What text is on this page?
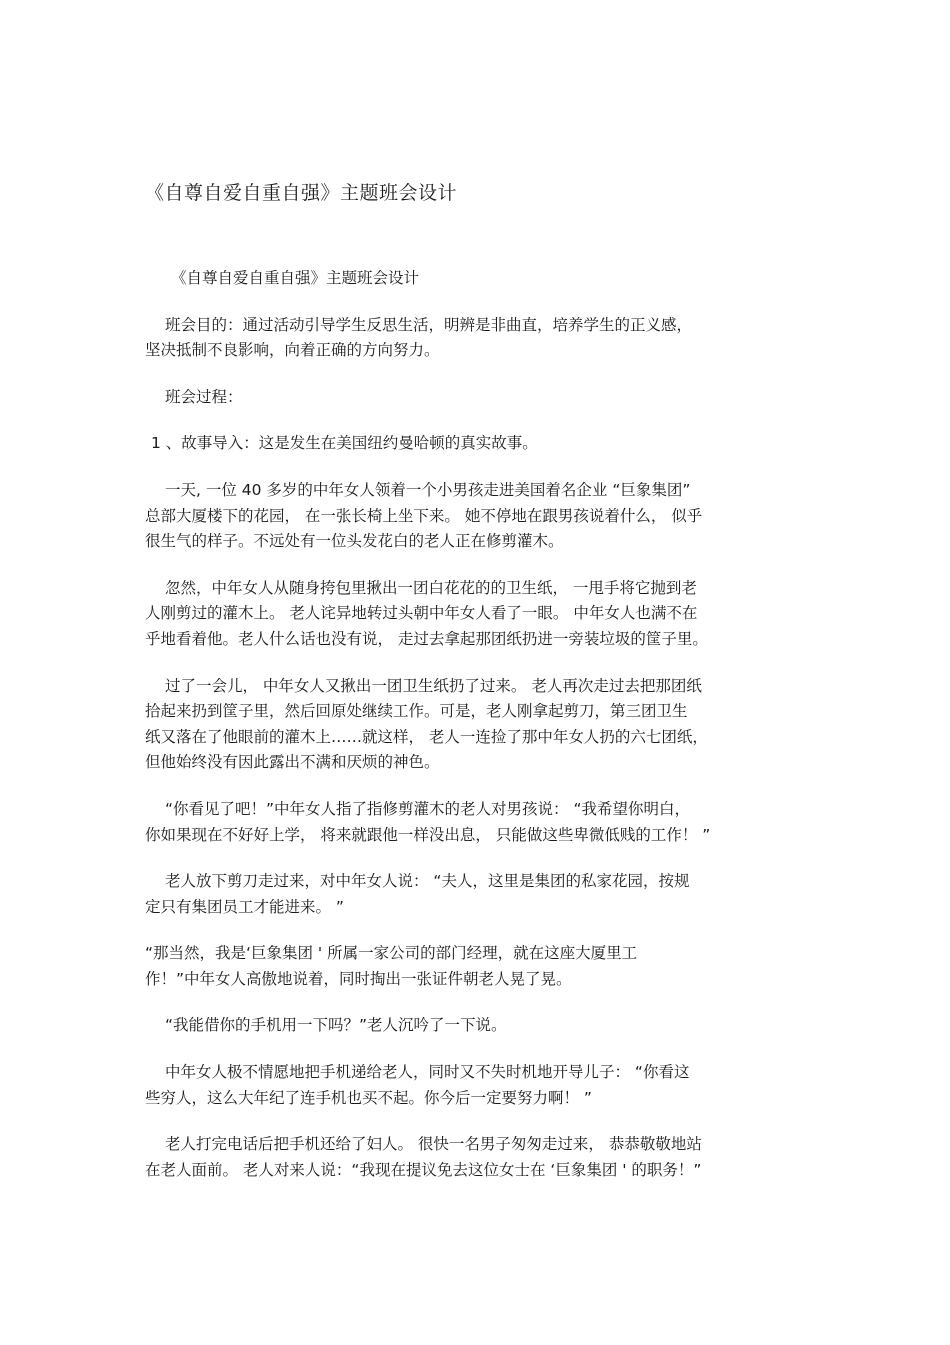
《自尊自爱自重自强》主题班会设计
《自尊自爱自重自强》主题班会设计
班会目的：通过活动引导学生反思生活，明辨是非曲直，培养学生的正义感，
坚决抵制不良影响，向着正确的方向努力。
班会过程：
1 、故事导入：这是发生在美国纽约曼哈顿的真实故事。
一天, 一位 40 多岁的中年女人领着一个小男孩走进美国着名企业 “巨象集团”
总部大厦楼下的花园， 在一张长椅上坐下来。 她不停地在跟男孩说着什么， 似乎
很生气的样子。不远处有一位头发花白的老人正在修剪灌木。
忽然，中年女人从随身挎包里揪出一团白花花的的卫生纸， 一甩手将它抛到老
人刚剪过的灌木上。 老人诧异地转过头朝中年女人看了一眼。 中年女人也满不在
乎地看着他。老人什么话也没有说， 走过去拿起那团纸扔进一旁装垃圾的筐子里。
过了一会儿， 中年女人又揪出一团卫生纸扔了过来。 老人再次走过去把那团纸
拾起来扔到筐子里，然后回原处继续工作。可是，老人刚拿起剪刀，第三团卫生
纸又落在了他眼前的灌木上……就这样， 老人一连捡了那中年女人扔的六七团纸，
但他始终没有因此露出不满和厌烦的神色。
“你看见了吧！”中年女人指了指修剪灌木的老人对男孩说： “我希望你明白，
你如果现在不好好上学， 将来就跟他一样没出息， 只能做这些卑微低贱的工作！ ”
老人放下剪刀走过来，对中年女人说： “夫人，这里是集团的私家花园，按规
定只有集团员工才能进来。 ”
“那当然，我是‘巨象集团 ' 所属一家公司的部门经理，就在这座大厦里工
作！”中年女人高傲地说着，同时掏出一张证件朝老人晃了晃。
“我能借你的手机用一下吗？”老人沉吟了一下说。
中年女人极不情愿地把手机递给老人，同时又不失时机地开导儿子： “你看这
些穷人，这么大年纪了连手机也买不起。你今后一定要努力啊！ ”
老人打完电话后把手机还给了妇人。 很快一名男子匆匆走过来， 恭恭敬敬地站
在老人面前。 老人对来人说：“我现在提议免去这位女士在 ‘巨象集团 ' 的职务！”
